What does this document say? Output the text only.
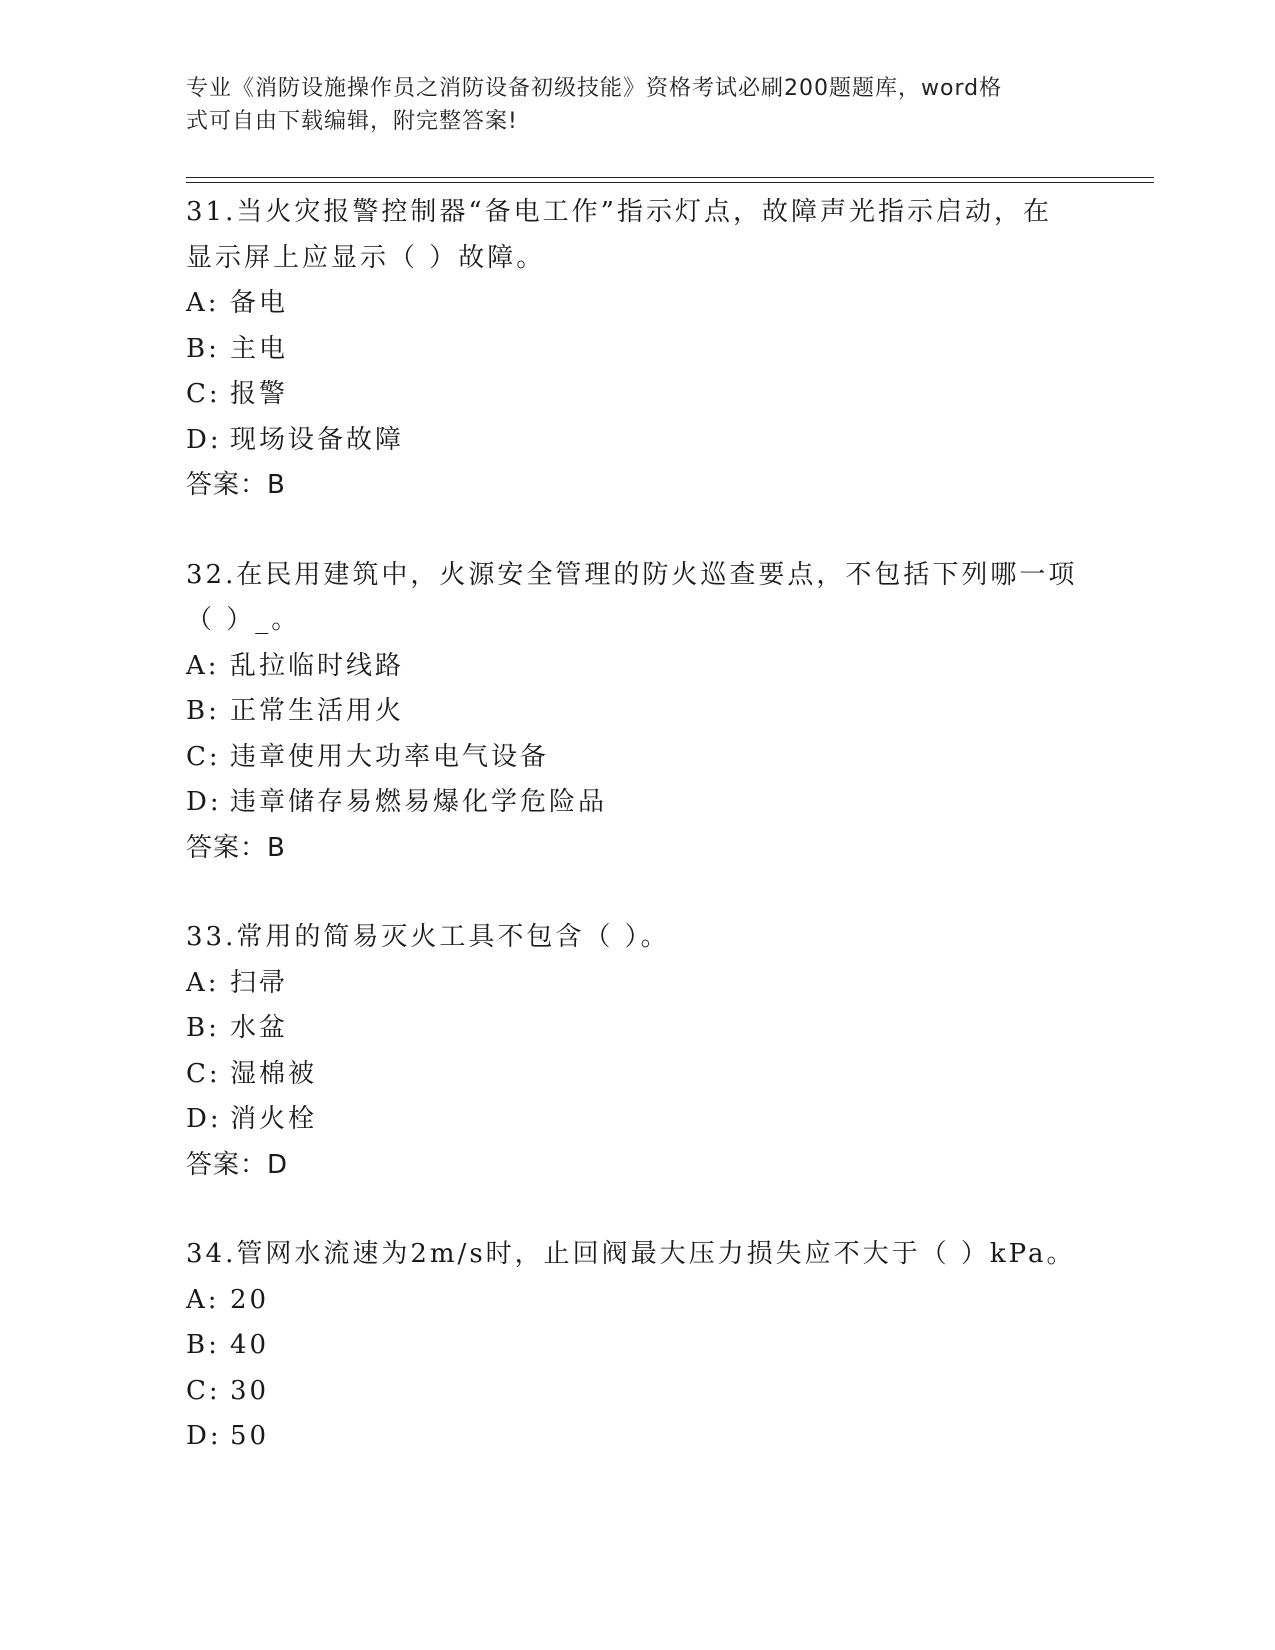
专业《消防设施操作员之消防设备初级技能》资格考试必刷200题题库，word格
式可自由下载编辑，附完整答案!

31.当火灾报警控制器“备电工作”指示灯点，故障声光指示启动，在

显示屏上应显示（ ）故障。

A: 备电

B: 主电

C: 报警

D: 现场设备故障

答案：B

32.在民用建筑中，火源安全管理的防火巡查要点，不包括下列哪一项

（ ）_。

A: 乱拉临时线路

B: 正常生活用火

C: 违章使用大功率电气设备

D: 违章储存易燃易爆化学危险品

答案：B

33.常用的简易灭火工具不包含（ ）。

A: 扫帚

B: 水盆

C: 湿棉被

D: 消火栓

答案：D

34.管网水流速为2m/s时，止回阀最大压力损失应不大于（ ）kPa。

A: 20

B: 40

C: 30

D: 50
